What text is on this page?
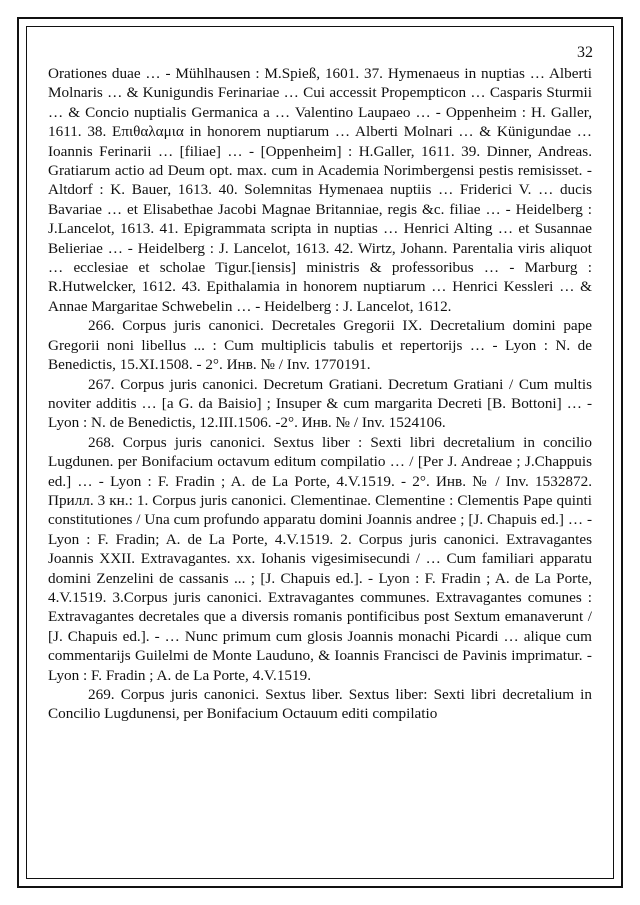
32

Orationes duae … - Mühlhausen : M.Spieß, 1601. 37. Hymenaeus in nuptias … Alberti Molnaris … & Kunigundis Ferinariae … Cui accessit Propempticon … Casparis Sturmii … & Concio nuptialis Germanica a … Valentino Laupaeo … - Oppenheim : H. Galler, 1611. 38. Επιθαλαμια in honorem nuptiarum … Alberti Molnari … & Künigundae … Ioannis Ferinarii … [filiae] … - [Oppenheim] : H.Galler, 1611. 39. Dinner, Andreas. Gratiarum actio ad Deum opt. max. cum in Academia Norimbergensi pestis remisisset. - Altdorf : K. Bauer, 1613. 40. Solemnitas Hymenaea nuptiis … Friderici V. … ducis Bavariae … et Elisabethae Jacobi Magnae Britanniae, regis &c. filiae … - Heidelberg : J.Lancelot, 1613. 41. Epigrammata scripta in nuptias … Henrici Alting … et Susannae Belieriae … - Heidelberg : J. Lancelot, 1613. 42. Wirtz, Johann. Parentalia viris aliquot … ecclesiae et scholae Tigur.[iensis] ministris & professoribus … - Marburg : R.Hutwelcker, 1612. 43. Epithalamia in honorem nuptiarum … Henrici Kessleri … & Annae Margaritae Schwebelin … - Heidelberg : J. Lancelot, 1612.

266. Corpus juris canonici. Decretales Gregorii IX. Decretalium domini pape Gregorii noni libellus ... : Cum multiplicis tabulis et repertorijs … - Lyon : N. de Benedictis, 15.XI.1508. - 2°. Инв. № / Inv. 1770191.

267. Corpus juris canonici. Decretum Gratiani. Decretum Gratiani / Cum multis noviter additis … [a G. da Baisio] ; Insuper & cum margarita Decreti [B. Bottoni] … - Lyon : N. de Benedictis, 12.III.1506. -2°. Инв. № / Inv. 1524106.

268. Corpus juris canonici. Sextus liber : Sexti libri decretalium in concilio Lugdunen. per Bonifacium octavum editum compilatio … / [Per J. Andreae ; J.Chappuis ed.] … - Lyon : F. Fradin ; A. de La Porte, 4.V.1519. - 2°. Инв. № / Inv. 1532872. Прилл. 3 кн.: 1. Corpus juris canonici. Clementinae. Clementine : Clementis Pape quinti constitutiones / Una cum profundo apparatu domini Joannis andree ; [J. Chapuis ed.] … - Lyon : F. Fradin; A. de La Porte, 4.V.1519. 2. Corpus juris canonici. Extravagantes Joannis XXII. Extravagantes. xx. Iohanis vigesimisecundi / … Cum familiari apparatu domini Zenzelini de cassanis ... ; [J. Chapuis ed.]. - Lyon : F. Fradin ; A. de La Porte, 4.V.1519. 3.Corpus juris canonici. Extravagantes communes. Extravagantes comunes : Extravagantes decretales que a diversis romanis pontificibus post Sextum emanaverunt / [J. Chapuis ed.]. - … Nunc primum cum glosis Joannis monachi Picardi … alique cum commentarijs Guilelmi de Monte Lauduno, & Ioannis Francisci de Pavinis imprimatur. - Lyon : F. Fradin ; A. de La Porte, 4.V.1519.

269. Corpus juris canonici. Sextus liber. Sextus liber: Sexti libri decretalium in Concilio Lugdunensi, per Bonifacium Octauum editi compilatio
